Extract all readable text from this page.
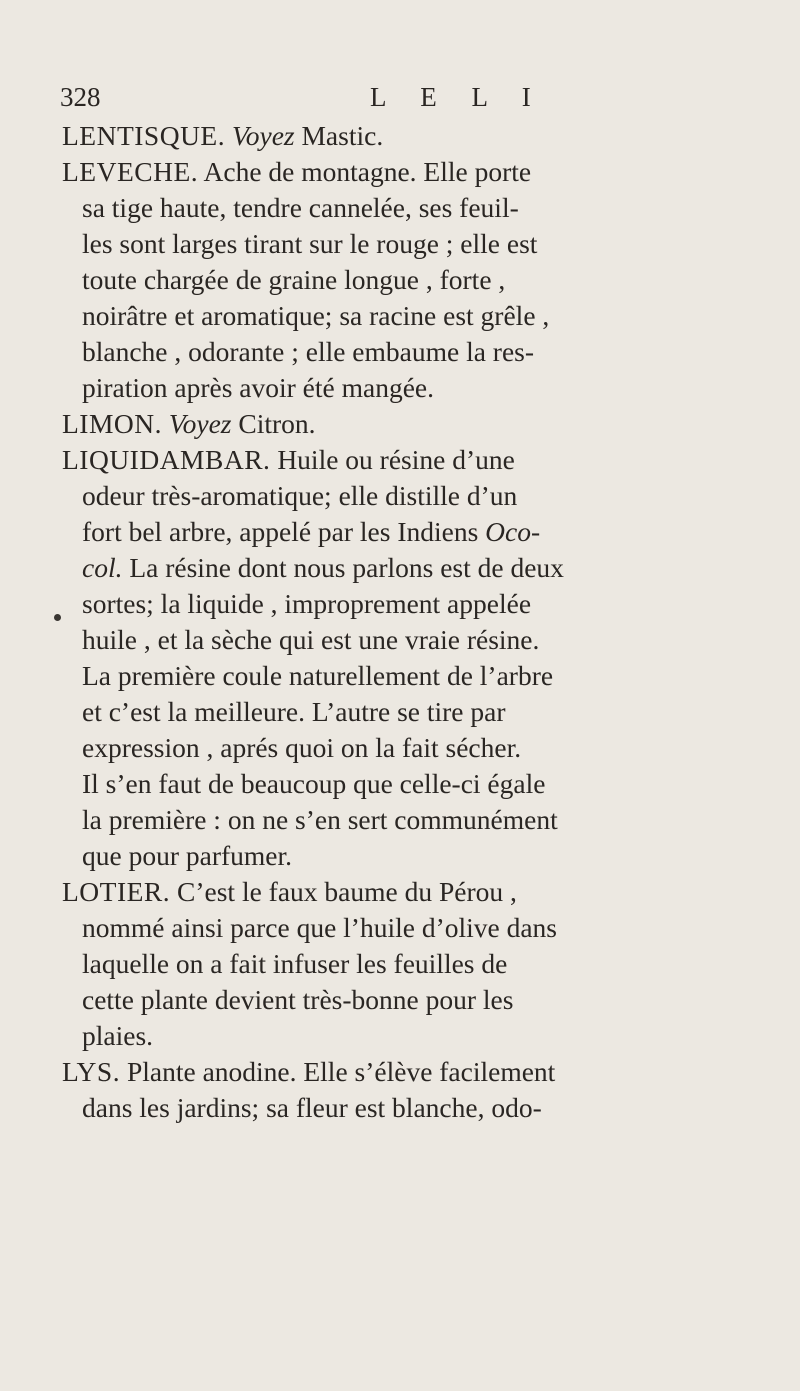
328	L E L I
LENTISQUE. Voyez Mastic.
LEVECHE. Ache de montagne. Elle porte
sa tige haute, tendre cannelée, ses feuil-
les sont larges tirant sur le rouge ; elle est
toute chargée de graine longue , forte ,
noirâtre et aromatique; sa racine est grêle ,
blanche , odorante ; elle embaume la res-
piration après avoir été mangée.
LIMON. Voyez Citron.
LIQUIDAMBAR. Huile ou résine d’une
odeur très-aromatique; elle distille d’un
fort bel arbre, appelé par les Indiens Oco-
col. La résine dont nous parlons est de deux
sortes; la liquide , improprement appelée
huile , et la sèche qui est une vraie résine.
La première coule naturellement de l’arbre
et c’est la meilleure. L’autre se tire par
expression , aprés quoi on la fait sécher.
Il s’en faut de beaucoup que celle-ci égale
la première : on ne s’en sert communément
que pour parfumer.
LOTIER. C’est le faux baume du Pérou ,
nommé ainsi parce que l’huile d’olive dans
laquelle on a fait infuser les feuilles de
cette plante devient très-bonne pour les
plaies.
LYS. Plante anodine. Elle s’élève facilement
dans les jardins; sa fleur est blanche, odo-
